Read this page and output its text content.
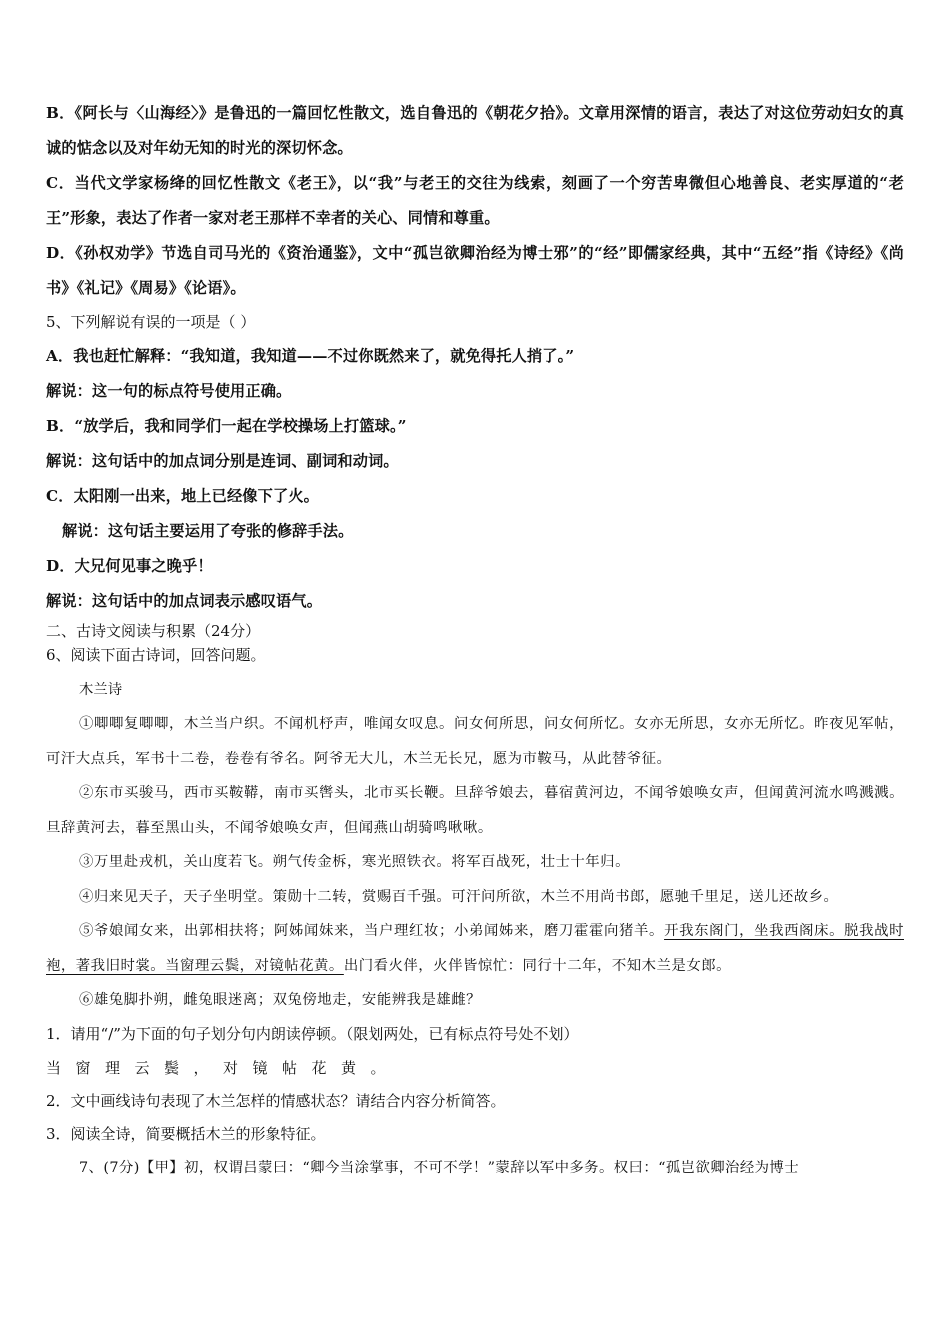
B．《阿长与〈山海经〉》是鲁迅的一篇回忆性散文，选自鲁迅的《朝花夕拾》。文章用深情的语言，表达了对这位劳动妇女的真诚的惦念以及对年幼无知的时光的深切怀念。

C．当代文学家杨绛的回忆性散文《老王》，以“我”与老王的交往为线索，刻画了一个穷苦卑微但心地善良、老实厚道的“老王”形象，表达了作者一家对老王那样不幸者的关心、同情和尊重。

D．《孙权劝学》节选自司马光的《资治通鉴》，文中“孤岂欲卿治经为博士邪”的“经”即儒家经典，其中“五经”指《诗经》《尚书》《礼记》《周易》《论语》。

5、下列解说有误的一项是（ ）

A．我也赶忙解释：“我知道，我知道——不过你既然来了，就免得托人捎了。”

解说：这一句的标点符号使用正确。

B．“放学后，我和同学们一起在学校操场上打篮球。”

解说：这句话中的加点词分别是连词、副词和动词。

C．太阳刚一出来，地上已经像下了火。

解说：这句话主要运用了夸张的修辞手法。

D．大兄何见事之晚乎！

解说：这句话中的加点词表示感叹语气。

二、古诗文阅读与积累（24分）

6、阅读下面古诗词，回答问题。

木兰诗

①唧唧复唧唧，木兰当户织。不闻机杼声，唯闻女叹息。问女何所思，问女何所忆。女亦无所思，女亦无所忆。昨夜见军帖，可汗大点兵，军书十二卷，卷卷有爷名。阿爷无大儿，木兰无长兄，愿为市鞍马，从此替爷征。

②东市买骏马，西市买鞍鞯，南市买辔头，北市买长鞭。旦辞爷娘去，暮宿黄河边，不闻爷娘唤女声，但闻黄河流水鸣溅溅。旦辞黄河去，暮至黑山头，不闻爷娘唤女声，但闻燕山胡骑鸣啾啾。

③万里赴戎机，关山度若飞。朔气传金柝，寒光照铁衣。将军百战死，壮士十年归。

④归来见天子，天子坐明堂。策勋十二转，赏赐百千强。可汗问所欲，木兰不用尚书郎，愿驰千里足，送儿还故乡。

⑤爷娘闻女来，出郭相扶将；阿姊闻妹来，当户理红妆；小弟闻姊来，磨刀霍霍向猪羊。开我东阁门，坐我西阁床。脱我战时袍，著我旧时裳。当窗理云鬓，对镜帖花黄。出门看火伴，火伴皆惊忙：同行十二年，不知木兰是女郎。

⑥雄兔脚扑朔，雌兔眼迷离；双兔傍地走，安能辨我是雄雌？

1．请用“/”为下面的句子划分句内朗读停顿。（限划两处，已有标点符号处不划）

当窗理云鬓，对镜帖花黄。

2．文中画线诗句表现了木兰怎样的情感状态？请结合内容分析简答。

3．阅读全诗，简要概括木兰的形象特征。

7、(7分)【甲】初，权谓吕蒙曰：“卿今当涂掌事，不可不学！”蒙辞以军中多务。权曰：“孤岂欲卿治经为博士
